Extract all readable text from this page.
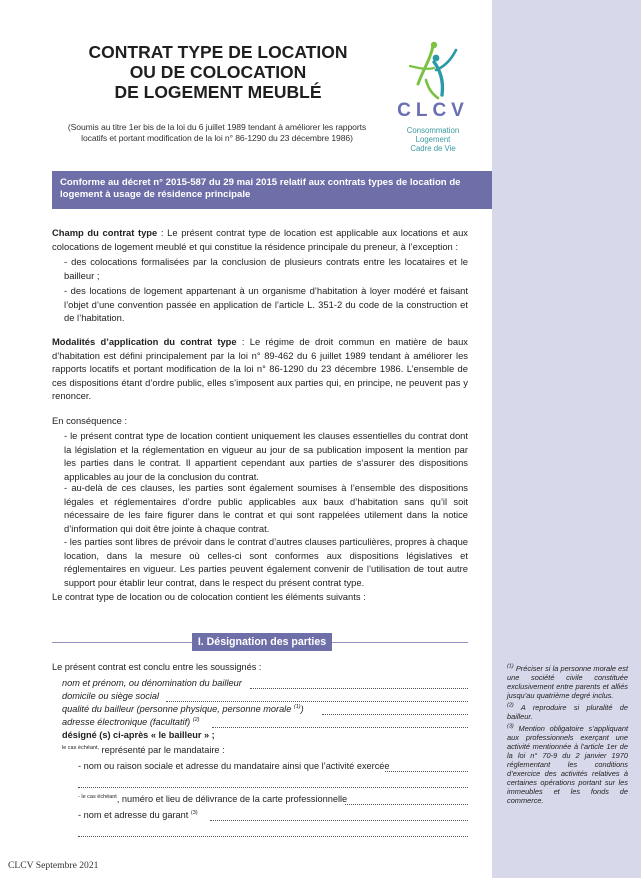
CONTRAT TYPE DE LOCATION
OU DE COLOCATION
DE LOGEMENT MEUBLÉ
(Soumis au titre 1er bis de la loi du 6 juillet 1989 tendant à améliorer les rapports
locatifs et portant modification de la loi n° 86-1290 du 23 décembre 1986)
CLCV
Consommation
Logement
Cadre de Vie
Conforme au décret n° 2015-587 du 29 mai 2015 relatif aux contrats types de location de logement à usage de résidence principale
Champ du contrat type : Le présent contrat type de location est applicable aux locations et aux colocations de logement meublé et qui constitue la résidence principale du preneur, à l’exception :
- des colocations formalisées par la conclusion de plusieurs contrats entre les locataires et le bailleur ;
- des locations de logement appartenant à un organisme d’habitation à loyer modéré et faisant l’objet d’une convention passée en application de l’article L. 351-2 du code de la construction et de l’habitation.
Modalités d’application du contrat type : Le régime de droit commun en matière de baux d’habitation est défini principalement par la loi n° 89-462 du 6 juillet 1989 tendant à améliorer les rapports locatifs et portant modification de la loi n° 86-1290 du 23 décembre 1986. L’ensemble de ces dispositions étant d’ordre public, elles s’imposent aux parties qui, en principe, ne peuvent pas y renoncer.
En conséquence :
- le présent contrat type de location contient uniquement les clauses essentielles du contrat dont la législation et la réglementation en vigueur au jour de sa publication imposent la mention par les parties dans le contrat. Il appartient cependant aux parties de s’assurer des dispositions applicables au jour de la conclusion du contrat.
- au-delà de ces clauses, les parties sont également soumises à l’ensemble des dispositions légales et réglementaires d’ordre public applicables aux baux d’habitation sans qu’il soit nécessaire de les faire figurer dans le contrat et qui sont rappelées utilement dans la notice d’information qui doit être jointe à chaque contrat.
- les parties sont libres de prévoir dans le contrat d’autres clauses particulières, propres à chaque location, dans la mesure où celles-ci sont conformes aux dispositions législatives et réglementaires en vigueur. Les parties peuvent également convenir de l’utilisation de tout autre support pour établir leur contrat, dans le respect du présent contrat type.
Le contrat type de location ou de colocation contient les éléments suivants :
I. Désignation des parties
Le présent contrat est conclu entre les soussignés :
nom et prénom, ou dénomination du bailleur
domicile ou siège social
qualité du bailleur (personne physique, personne morale $^{(1)}$)
adresse électronique (facultatif) $^{(2)}$
désigné (s) ci-après « le bailleur » ;
$^{le cas échéant,}$ représenté par le mandataire :
- nom ou raison sociale et adresse du mandataire ainsi que l’activité exercée
$^{- le cas échéant}$, numéro et lieu de délivrance de la carte professionnelle
- nom et adresse du garant $^{(3)}$

$^{(1)}$ Préciser si la personne morale est une société civile constituée exclusivement entre parents et alliés jusqu’au quatrième degré inclus.

$^{(2)}$ A reproduire si pluralité de bailleur.

$^{(3)}$ Mention obligatoire s’appliquant aux professionnels exerçant une activité mentionnée à l’article 1er de la loi n° 70-9 du 2 janvier 1970 réglementant les conditions d’exercice des activités relatives à certaines opérations portant sur les immeubles et les fonds de commerce.

CLCV Septembre 2021
